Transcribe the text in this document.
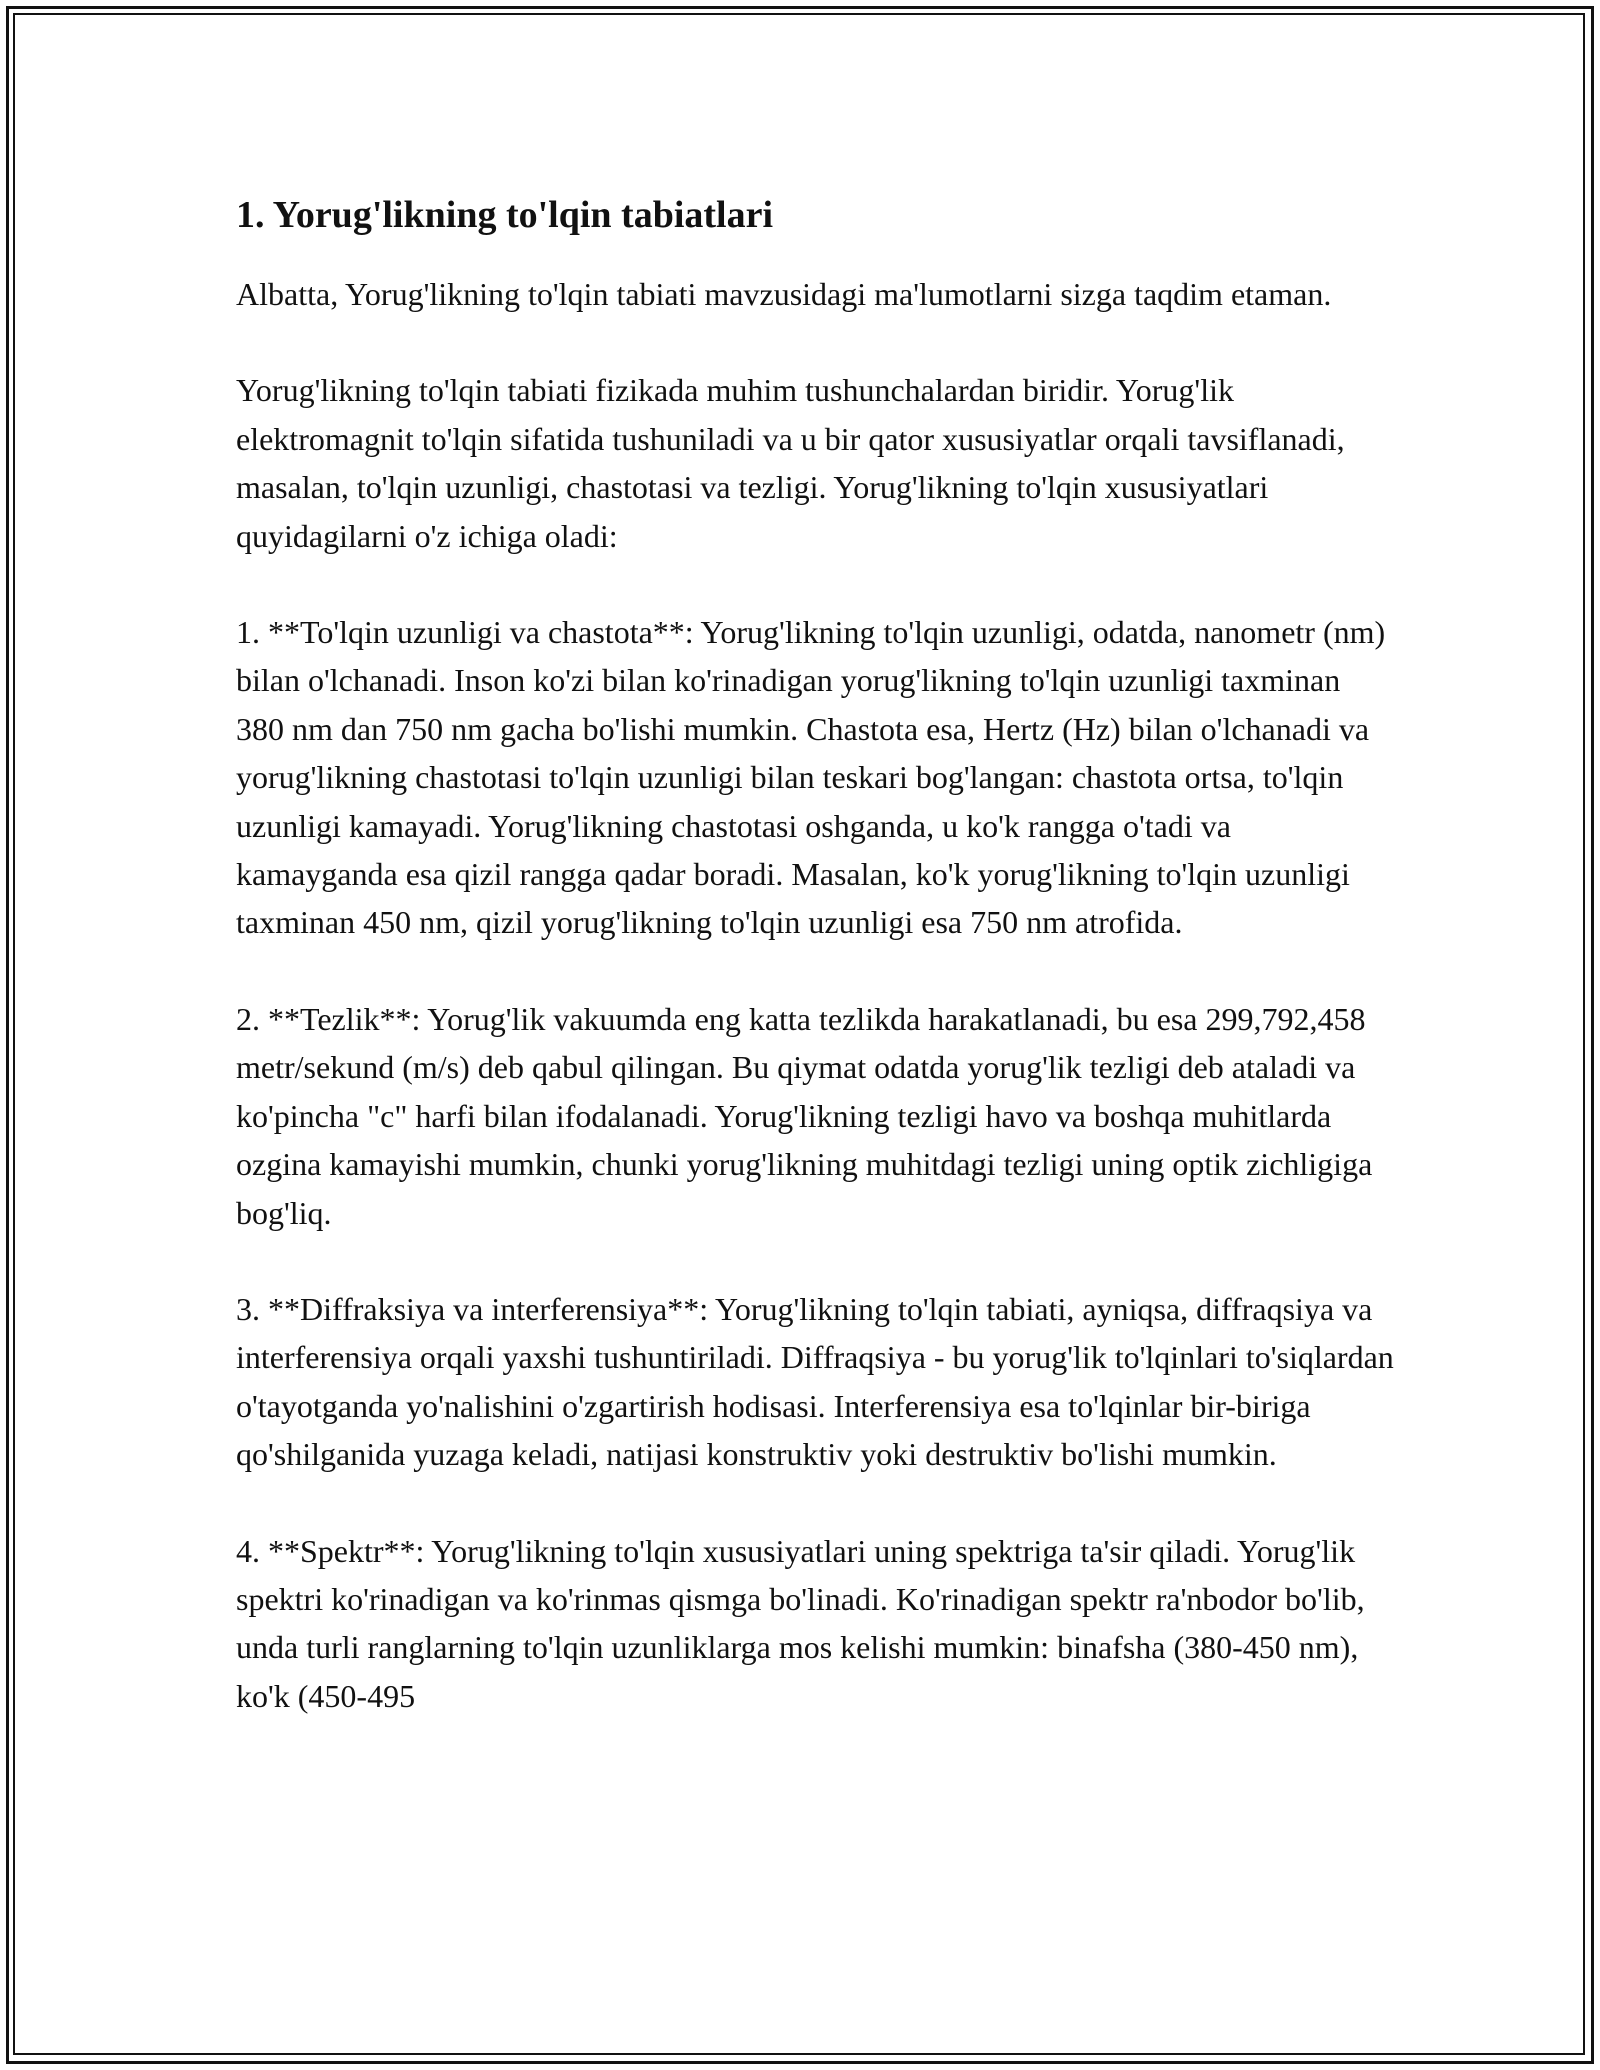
1. Yorug'likning to'lqin tabiatlari

Albatta, Yorug'likning to'lqin tabiati mavzusidagi ma'lumotlarni sizga taqdim etaman.

Yorug'likning to'lqin tabiati fizikada muhim tushunchalardan biridir. Yorug'lik elektromagnit to'lqin sifatida tushuniladi va u bir qator xususiyatlar orqali tavsiflanadi, masalan, to'lqin uzunligi, chastotasi va tezligi. Yorug'likning to'lqin xususiyatlari quyidagilarni o'z ichiga oladi:

1. **To'lqin uzunligi va chastota**: Yorug'likning to'lqin uzunligi, odatda, nanometr (nm) bilan o'lchanadi. Inson ko'zi bilan ko'rinadigan yorug'likning to'lqin uzunligi taxminan 380 nm dan 750 nm gacha bo'lishi mumkin. Chastota esa, Hertz (Hz) bilan o'lchanadi va yorug'likning chastotasi to'lqin uzunligi bilan teskari bog'langan: chastota ortsa, to'lqin uzunligi kamayadi. Yorug'likning chastotasi oshganda, u ko'k rangga o'tadi va kamayganda esa qizil rangga qadar boradi. Masalan, ko'k yorug'likning to'lqin uzunligi taxminan 450 nm, qizil yorug'likning to'lqin uzunligi esa 750 nm atrofida.

2. **Tezlik**: Yorug'lik vakuumda eng katta tezlikda harakatlanadi, bu esa 299,792,458 metr/sekund (m/s) deb qabul qilingan. Bu qiymat odatda yorug'lik tezligi deb ataladi va ko'pincha "c" harfi bilan ifodalanadi. Yorug'likning tezligi havo va boshqa muhitlarda ozgina kamayishi mumkin, chunki yorug'likning muhitdagi tezligi uning optik zichligiga bog'liq.

3. **Diffraksiya va interferensiya**: Yorug'likning to'lqin tabiati, ayniqsa, diffraqsiya va interferensiya orqali yaxshi tushuntiriladi. Diffraqsiya - bu yorug'lik to'lqinlari to'siqlardan o'tayotganda yo'nalishini o'zgartirish hodisasi. Interferensiya esa to'lqinlar bir-biriga qo'shilganida yuzaga keladi, natijasi konstruktiv yoki destruktiv bo'lishi mumkin.

4. **Spektr**: Yorug'likning to'lqin xususiyatlari uning spektriga ta'sir qiladi. Yorug'lik spektri ko'rinadigan va ko'rinmas qismga bo'linadi. Ko'rinadigan spektr ra'nbodor bo'lib, unda turli ranglarning to'lqin uzunliklarga mos kelishi mumkin: binafsha (380-450 nm), ko'k (450-495
